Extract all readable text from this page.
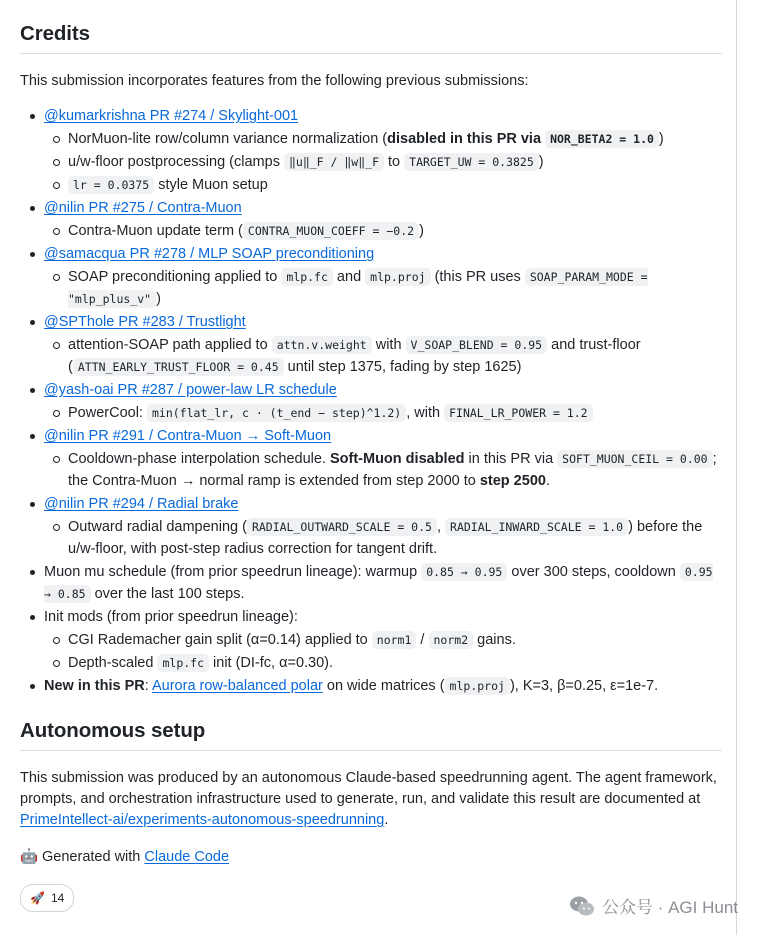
Credits

This submission incorporates features from the following previous submissions:

@kumarkrishna PR #274 / Skylight-001
NorMuon-lite row/column variance normalization (disabled in this PR via NOR_BETA2 = 1.0 )
u/w-floor postprocessing (clamps ‖u‖_F / ‖w‖_F to TARGET_UW = 0.3825 )
lr = 0.0375 style Muon setup
@nilin PR #275 / Contra-Muon
Contra-Muon update term ( CONTRA_MUON_COEFF = −0.2 )
@samacqua PR #278 / MLP SOAP preconditioning
SOAP preconditioning applied to mlp.fc and mlp.proj (this PR uses SOAP_PARAM_MODE = "mlp_plus_v" )
@SPThole PR #283 / Trustlight
attention-SOAP path applied to attn.v.weight with V_SOAP_BLEND = 0.95 and trust-floor ( ATTN_EARLY_TRUST_FLOOR = 0.45 until step 1375, fading by step 1625)
@yash-oai PR #287 / power-law LR schedule
PowerCool: min(flat_lr, c · (t_end − step)^1.2) , with FINAL_LR_POWER = 1.2
@nilin PR #291 / Contra-Muon → Soft-Muon
Cooldown-phase interpolation schedule. Soft-Muon disabled in this PR via SOFT_MUON_CEIL = 0.00 ; the Contra-Muon → normal ramp is extended from step 2000 to step 2500.
@nilin PR #294 / Radial brake
Outward radial dampening ( RADIAL_OUTWARD_SCALE = 0.5 , RADIAL_INWARD_SCALE = 1.0 ) before the u/w-floor, with post-step radius correction for tangent drift.
Muon mu schedule (from prior speedrun lineage): warmup 0.85 → 0.95 over 300 steps, cooldown 0.95 → 0.85 over the last 100 steps.
Init mods (from prior speedrun lineage):
CGI Rademacher gain split (α=0.14) applied to norm1 / norm2 gains.
Depth-scaled mlp.fc init (DI-fc, α=0.30).
New in this PR: Aurora row-balanced polar on wide matrices ( mlp.proj ), K=3, β=0.25, ε=1e-7.
Autonomous setup

This submission was produced by an autonomous Claude-based speedrunning agent. The agent framework, prompts, and orchestration infrastructure used to generate, run, and validate this result are documented at PrimeIntellect-ai/experiments-autonomous-speedrunning.

🤖 Generated with Claude Code

🚀 14	公众号 · AGI Hunt
